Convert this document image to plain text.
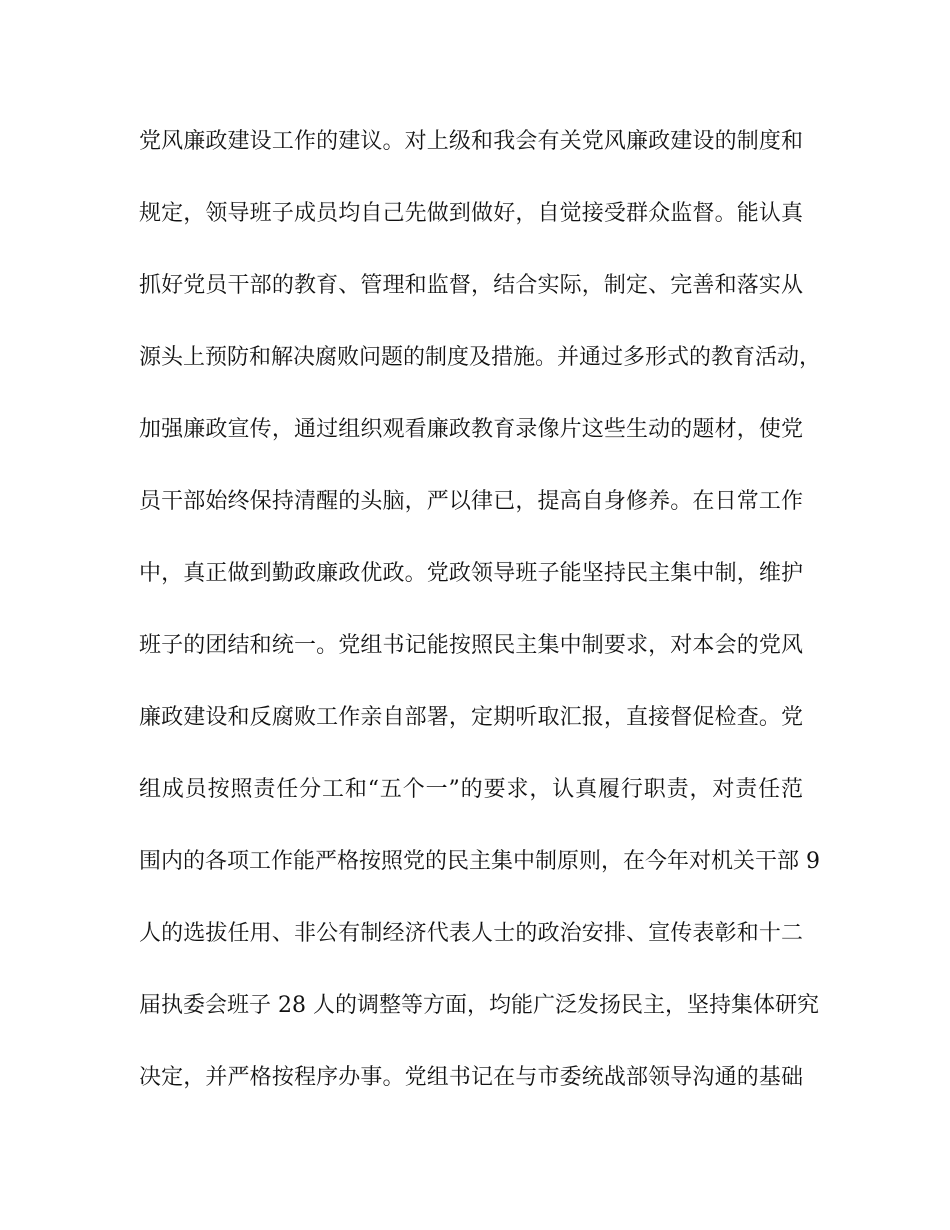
党风廉政建设工作的建议。对上级和我会有关党风廉政建设的制度和
规定，领导班子成员均自己先做到做好，自觉接受群众监督。能认真
抓好党员干部的教育、管理和监督，结合实际，制定、完善和落实从
源头上预防和解决腐败问题的制度及措施。并通过多形式的教育活动，
加强廉政宣传，通过组织观看廉政教育录像片这些生动的题材，使党
员干部始终保持清醒的头脑，严以律已，提高自身修养。在日常工作
中，真正做到勤政廉政优政。党政领导班子能坚持民主集中制，维护
班子的团结和统一。党组书记能按照民主集中制要求，对本会的党风
廉政建设和反腐败工作亲自部署，定期听取汇报，直接督促检查。党
组成员按照责任分工和“五个一”的要求，认真履行职责，对责任范
围内的各项工作能严格按照党的民主集中制原则，在今年对机关干部 9
人的选拔任用、非公有制经济代表人士的政治安排、宣传表彰和十二
届执委会班子 28 人的调整等方面，均能广泛发扬民主，坚持集体研究
决定，并严格按程序办事。党组书记在与市委统战部领导沟通的基础
